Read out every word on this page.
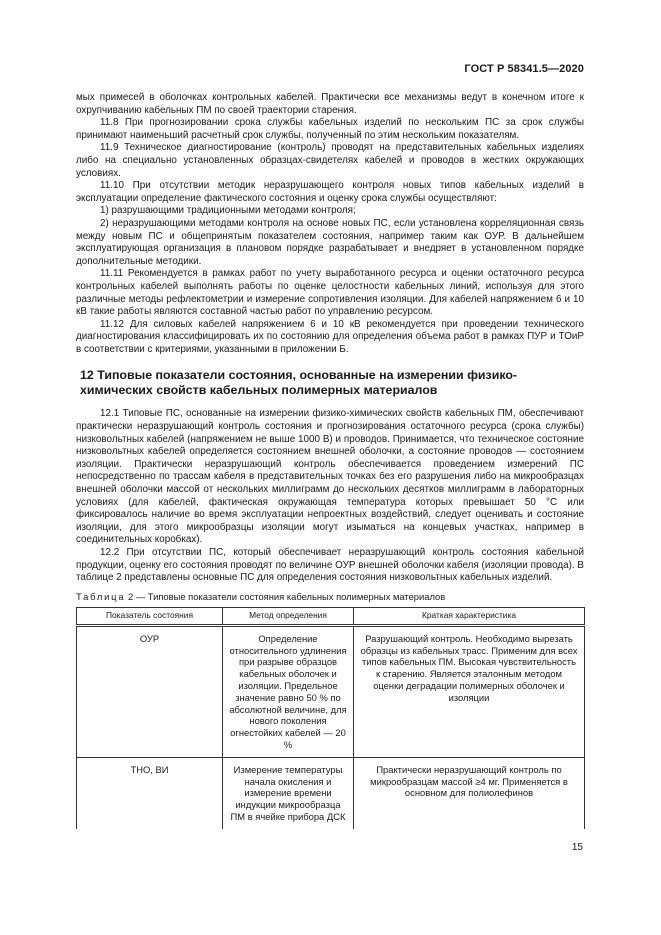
ГОСТ Р 58341.5—2020

мых примесей в оболочках контрольных кабелей. Практически все механизмы ведут в конечном итоге к охрупчиванию кабельных ПМ по своей траектории старения.

11.8 При прогнозировании срока службы кабельных изделий по нескольким ПС за срок службы принимают наименьший расчетный срок службы, полученный по этим нескольким показателям.

11.9 Техническое диагностирование (контроль) проводят на представительных кабельных изделиях либо на специально установленных образцах-свидетелях кабелей и проводов в жестких окружающих условиях.

11.10 При отсутствии методик неразрушающего контроля новых типов кабельных изделий в эксплуатации определение фактического состояния и оценку срока службы осуществляют:

1) разрушающими традиционными методами контроля;

2) неразрушающими методами контроля на основе новых ПС, если установлена корреляционная связь между новым ПС и общепринятым показателем состояния, например таким как ОУР. В дальнейшем эксплуатирующая организация в плановом порядке разрабатывает и внедряет в установленном порядке дополнительные методики.

11.11 Рекомендуется в рамках работ по учету выработанного ресурса и оценки остаточного ресурса контрольных кабелей выполнять работы по оценке целостности кабельных линий, используя для этого различные методы рефлектометрии и измерение сопротивления изоляции. Для кабелей напряжением 6 и 10 кВ такие работы являются составной частью работ по управлению ресурсом.

11.12 Для силовых кабелей напряжением 6 и 10 кВ рекомендуется при проведении технического диагностирования классифицировать их по состоянию для определения объема работ в рамках ПУР и ТОиР в соответствии с критериями, указанными в приложении Б.

12 Типовые показатели состояния, основанные на измерении физико-химических свойств кабельных полимерных материалов

12.1 Типовые ПС, основанные на измерении физико-химических свойств кабельных ПМ, обеспечивают практически неразрушающий контроль состояния и прогнозирования остаточного ресурса (срока службы) низковольтных кабелей (напряжением не выше 1000 В) и проводов. Принимается, что техническое состояние низковольтных кабелей определяется состоянием внешней оболочки, а состояние проводов — состоянием изоляции. Практически неразрушающий контроль обеспечивается проведением измерений ПС непосредственно по трассам кабеля в представительных точках без его разрушения либо на микрообразцах внешней оболочки массой от нескольких миллиграмм до нескольких десятков миллиграмм в лабораторных условиях (для кабелей, фактическая окружающая температура которых превышает 50 °С или фиксировалось наличие во время эксплуатации непроектных воздействий, следует оценивать и состояние изоляции, для этого микрообразцы изоляции могут изыматься на концевых участках, например в соединительных коробках).

12.2 При отсутствии ПС, который обеспечивает неразрушающий контроль состояния кабельной продукции, оценку его состояния проводят по величине ОУР внешней оболочки кабеля (изоляции провода). В таблице 2 представлены основные ПС для определения состояния низковольтных кабельных изделий.

Таблица 2 — Типовые показатели состояния кабельных полимерных материалов
Показатель состояния	Метод определения	Краткая характеристика
ОУР	Определение относительного удлинения при разрыве образцов кабельных оболочек и изоляции. Предельное значение равно 50 % по абсолютной величине, для нового поколения огнестойких кабелей — 20 %	Разрушающий контроль. Необходимо вырезать образцы из кабельных трасс. Применим для всех типов кабельных ПМ. Высокая чувствительность к старению. Является эталонным методом оценки деградации полимерных оболочек и изоляции
ТНО, ВИ	Измерение температуры начала окисления и измерение времени индукции микрообразца ПМ в ячейке прибора ДСК	Практически неразрушающий контроль по микрообразцам массой ≥4 мг. Применяется в основном для полиолефинов
15
